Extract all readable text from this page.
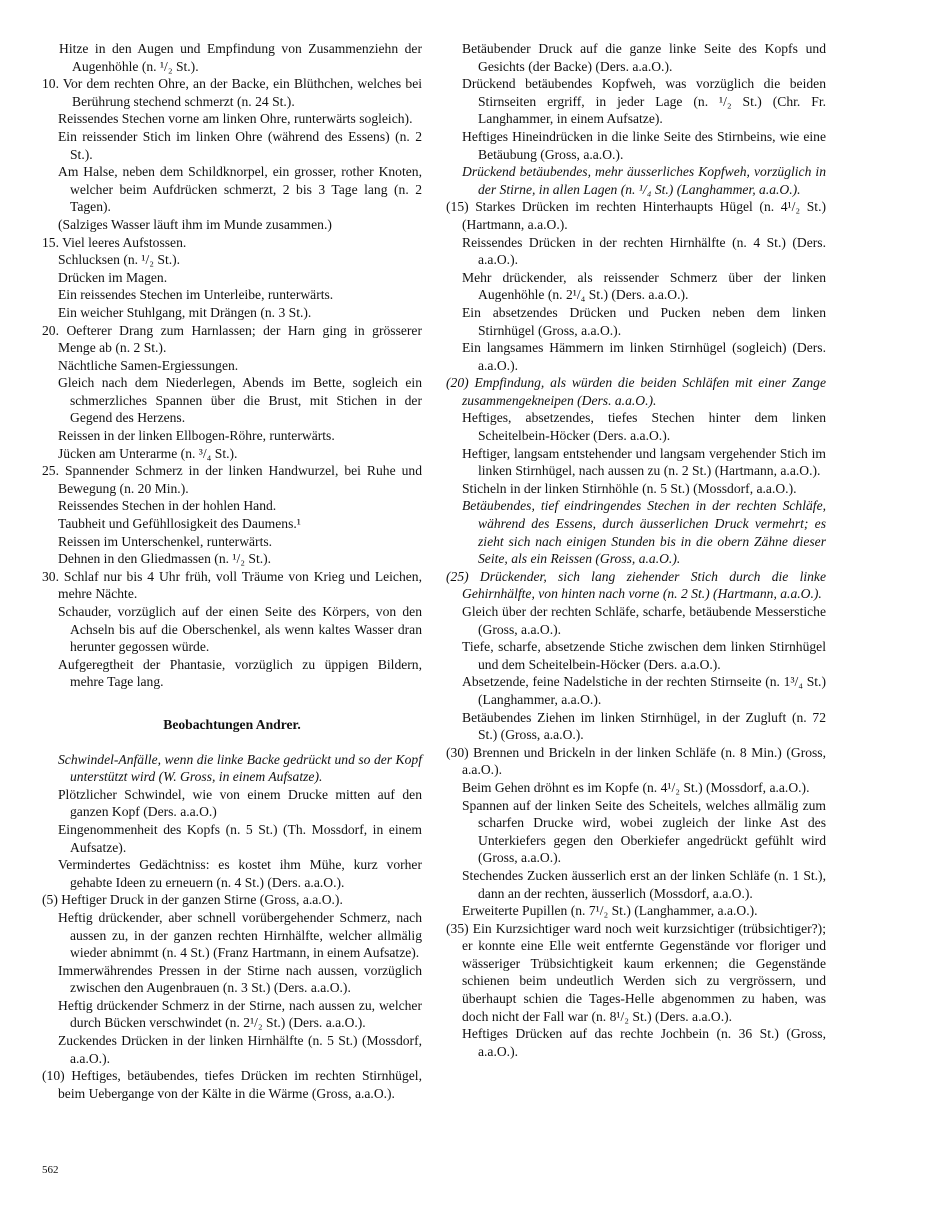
Hitze in den Augen und Empfindung von Zusammenziehn der Augenhöhle (n. ¹/₂ St.).

10. Vor dem rechten Ohre, an der Backe, ein Blüthchen, welches bei Berührung stechend schmerzt (n. 24 St.).

Reissendes Stechen vorne am linken Ohre, runterwärts sogleich).

Ein reissender Stich im linken Ohre (während des Essens) (n. 2 St.).

Am Halse, neben dem Schildknorpel, ein grosser, rother Knoten, welcher beim Aufdrücken schmerzt, 2 bis 3 Tage lang (n. 2 Tagen).

(Salziges Wasser läuft ihm im Munde zusammen.)

15. Viel leeres Aufstossen.

Schlucksen (n. ¹/₂ St.).

Drücken im Magen.

Ein reissendes Stechen im Unterleibe, runterwärts.

Ein weicher Stuhlgang, mit Drängen (n. 3 St.).

20. Oefterer Drang zum Harnlassen; der Harn ging in grösserer Menge ab (n. 2 St.).

Nächtliche Samen-Ergiessungen.

Gleich nach dem Niederlegen, Abends im Bette, sogleich ein schmerzliches Spannen über die Brust, mit Stichen in der Gegend des Herzens.

Reissen in der linken Ellbogen-Röhre, runterwärts.

Jücken am Unterarme (n. ³/₄ St.).

25. Spannender Schmerz in der linken Handwurzel, bei Ruhe und Bewegung (n. 20 Min.).

Reissendes Stechen in der hohlen Hand.

Taubheit und Gefühllosigkeit des Daumens.¹

Reissen im Unterschenkel, runterwärts.

Dehnen in den Gliedmassen (n. ¹/₂ St.).

30. Schlaf nur bis 4 Uhr früh, voll Träume von Krieg und Leichen, mehre Nächte.

Schauder, vorzüglich auf der einen Seite des Körpers, von den Achseln bis auf die Oberschenkel, als wenn kaltes Wasser dran herunter gegossen würde.

Aufgeregtheit der Phantasie, vorzüglich zu üppigen Bildern, mehre Tage lang.

Beobachtungen Andrer.

Schwindel-Anfälle, wenn die linke Backe gedrückt und so der Kopf unterstützt wird (W. Gross, in einem Aufsatze).

Plötzlicher Schwindel, wie von einem Drucke mitten auf den ganzen Kopf (Ders. a.a.O.)

Eingenommenheit des Kopfs (n. 5 St.) (Th. Mossdorf, in einem Aufsatze).

Vermindertes Gedächtniss: es kostet ihm Mühe, kurz vorher gehabte Ideen zu erneuern (n. 4 St.) (Ders. a.a.O.).

(5) Heftiger Druck in der ganzen Stirne (Gross, a.a.O.).

Heftig drückender, aber schnell vorübergehender Schmerz, nach aussen zu, in der ganzen rechten Hirnhälfte, welcher allmälig wieder abnimmt (n. 4 St.) (Franz Hartmann, in einem Aufsatze).

Immerwährendes Pressen in der Stirne nach aussen, vorzüglich zwischen den Augenbrauen (n. 3 St.) (Ders. a.a.O.).

Heftig drückender Schmerz in der Stirne, nach aussen zu, welcher durch Bücken verschwindet (n. 2¹/₂ St.) (Ders. a.a.O.).

Zuckendes Drücken in der linken Hirnhälfte (n. 5 St.) (Mossdorf, a.a.O.).

(10) Heftiges, betäubendes, tiefes Drücken im rechten Stirnhügel, beim Uebergange von der Kälte in die Wärme (Gross, a.a.O.).

Betäubender Druck auf die ganze linke Seite des Kopfs und Gesichts (der Backe) (Ders. a.a.O.).

Drückend betäubendes Kopfweh, was vorzüglich die beiden Stirnseiten ergriff, in jeder Lage (n. ¹/₂ St.) (Chr. Fr. Langhammer, in einem Aufsatze).

Heftiges Hineindrücken in die linke Seite des Stirnbeins, wie eine Betäubung (Gross, a.a.O.).

Drückend betäubendes, mehr äusserliches Kopfweh, vorzüglich in der Stirne, in allen Lagen (n. ¹/₄ St.) (Langhammer, a.a.O.).

(15) Starkes Drücken im rechten Hinterhaupts Hügel (n. 4¹/₂ St.) (Hartmann, a.a.O.).

Reissendes Drücken in der rechten Hirnhälfte (n. 4 St.) (Ders. a.a.O.).

Mehr drückender, als reissender Schmerz über der linken Augenhöhle (n. 2¹/₄ St.) (Ders. a.a.O.).

Ein absetzendes Drücken und Pucken neben dem linken Stirnhügel (Gross, a.a.O.).

Ein langsames Hämmern im linken Stirnhügel (sogleich) (Ders. a.a.O.).

(20) Empfindung, als würden die beiden Schläfen mit einer Zange zusammengekneipen (Ders. a.a.O.).

Heftiges, absetzendes, tiefes Stechen hinter dem linken Scheitelbein-Höcker (Ders. a.a.O.).

Heftiger, langsam entstehender und langsam vergehender Stich im linken Stirnhügel, nach aussen zu (n. 2 St.) (Hartmann, a.a.O.).

Sticheln in der linken Stirnhöhle (n. 5 St.) (Mossdorf, a.a.O.).

Betäubendes, tief eindringendes Stechen in der rechten Schläfe, während des Essens, durch äusserlichen Druck vermehrt; es zieht sich nach einigen Stunden bis in die obern Zähne dieser Seite, als ein Reissen (Gross, a.a.O.).

(25) Drückender, sich lang ziehender Stich durch die linke Gehirnhälfte, von hinten nach vorne (n. 2 St.) (Hartmann, a.a.O.).

Gleich über der rechten Schläfe, scharfe, betäubende Messerstiche (Gross, a.a.O.).

Tiefe, scharfe, absetzende Stiche zwischen dem linken Stirnhügel und dem Scheitelbein-Höcker (Ders. a.a.O.).

Absetzende, feine Nadelstiche in der rechten Stirnseite (n. 1³/₄ St.) (Langhammer, a.a.O.).

Betäubendes Ziehen im linken Stirnhügel, in der Zugluft (n. 72 St.) (Gross, a.a.O.).

(30) Brennen und Brickeln in der linken Schläfe (n. 8 Min.) (Gross, a.a.O.).

Beim Gehen dröhnt es im Kopfe (n. 4¹/₂ St.) (Mossdorf, a.a.O.).

Spannen auf der linken Seite des Scheitels, welches allmälig zum scharfen Drucke wird, wobei zugleich der linke Ast des Unterkiefers gegen den Oberkiefer angedrückt gefühlt wird (Gross, a.a.O.).

Stechendes Zucken äusserlich erst an der linken Schläfe (n. 1 St.), dann an der rechten, äusserlich (Mossdorf, a.a.O.).

Erweiterte Pupillen (n. 7¹/₂ St.) (Langhammer, a.a.O.).

(35) Ein Kurzsichtiger ward noch weit kurzsichtiger (trübsichtiger?); er konnte eine Elle weit entfernte Gegenstände vor floriger und wässeriger Trübsichtigkeit kaum erkennen; die Gegenstände schienen beim undeutlich Werden sich zu vergrössern, und überhaupt schien die Tages-Helle abgenommen zu haben, was doch nicht der Fall war (n. 8¹/₂ St.) (Ders. a.a.O.).

Heftiges Drücken auf das rechte Jochbein (n. 36 St.) (Gross, a.a.O.).

562
